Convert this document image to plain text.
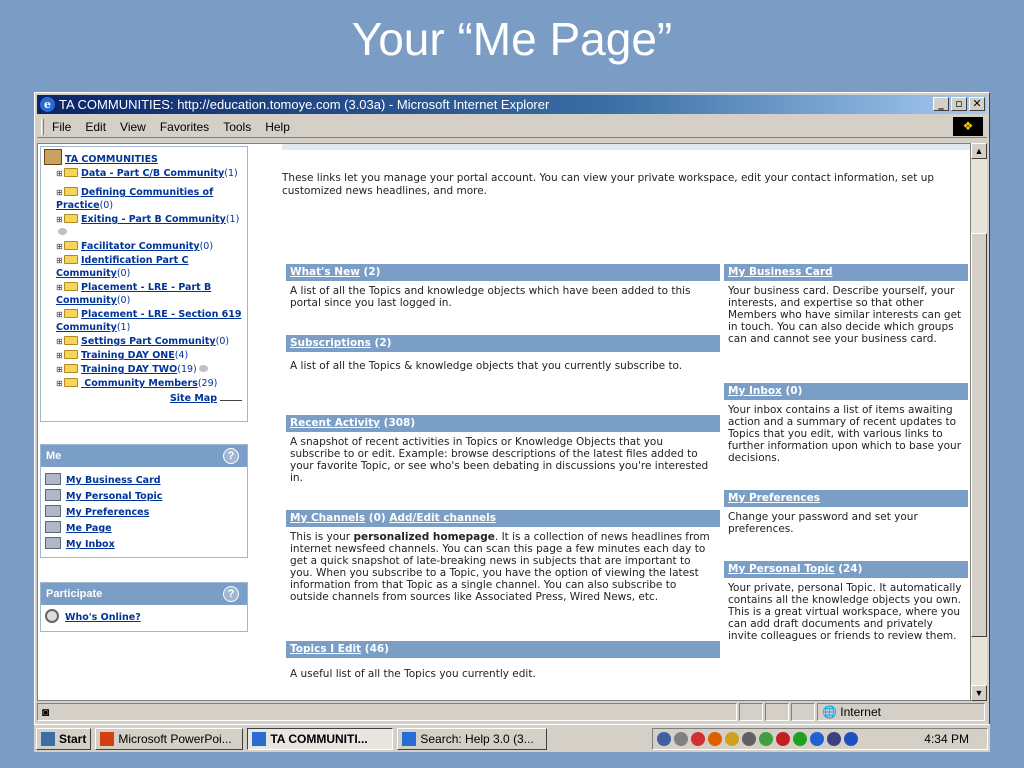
Your “Me Page”
e TA COMMUNITIES: http://education.tomoye.com (3.03a) - Microsoft Internet Explorer	_	▫ ✕
File Edit View Favorites Tools Help	❖
TA COMMUNITIES
⊞ Data - Part C/B Community(1)
⊞ Defining Communities of Practice(0)
⊞ Exiting - Part B Community(1)

⊞ Facilitator Community(0)
⊞ Identification Part C Community(0)
⊞ Placement - LRE - Part B Community(0)
⊞ Placement - LRE - Section 619 Community(1)
⊞ Settings Part Community(0)
⊞ Training DAY ONE(4)
⊞ Training DAY TWO(19)
⊞ Community Members(29)
Site Map
Me	?
My Business Card
My Personal Topic
My Preferences
Me Page
My Inbox
Participate	?
Who's Online?
These links let you manage your portal account. You can view your private workspace, edit your contact information, set up customized news headlines, and more.
What's New (2)
A list of all the Topics and knowledge objects which have been added to this portal since you last logged in.
Subscriptions (2)
A list of all the Topics & knowledge objects that you currently subscribe to.
Recent Activity (308)
A snapshot of recent activities in Topics or Knowledge Objects that you subscribe to or edit. Example: browse descriptions of the latest files added to your favorite Topic, or see who's been debating in discussions you're interested in.
My Channels (0) Add/Edit channels
This is your personalized homepage. It is a collection of news headlines from internet newsfeed channels. You can scan this page a few minutes each day to get a quick snapshot of late-breaking news in subjects that are important to you. When you subscribe to a Topic, you have the option of viewing the latest information from that Topic as a single channel. You can also subscribe to outside channels from sources like Associated Press, Wired News, etc.
Topics I Edit (46)
A useful list of all the Topics you currently edit.
My Business Card
Your business card. Describe yourself, your interests, and expertise so that other Members who have similar interests can get in touch. You can also decide which groups can and cannot see your business card.
My Inbox (0)
Your inbox contains a list of items awaiting action and a summary of recent updates to Topics that you edit, with various links to further information upon which to base your decisions.
My Preferences
Change your password and set your preferences.
My Personal Topic (24)
Your private, personal Topic. It automatically contains all the knowledge objects you own. This is a great virtual workspace, where you can add draft documents and privately invite colleagues or friends to review them.
▲
▼
◙	🌐 Internet
Start	Microsoft PowerPoi...	TA COMMUNITI...	Search: Help 3.0 (3...	4:34 PM
